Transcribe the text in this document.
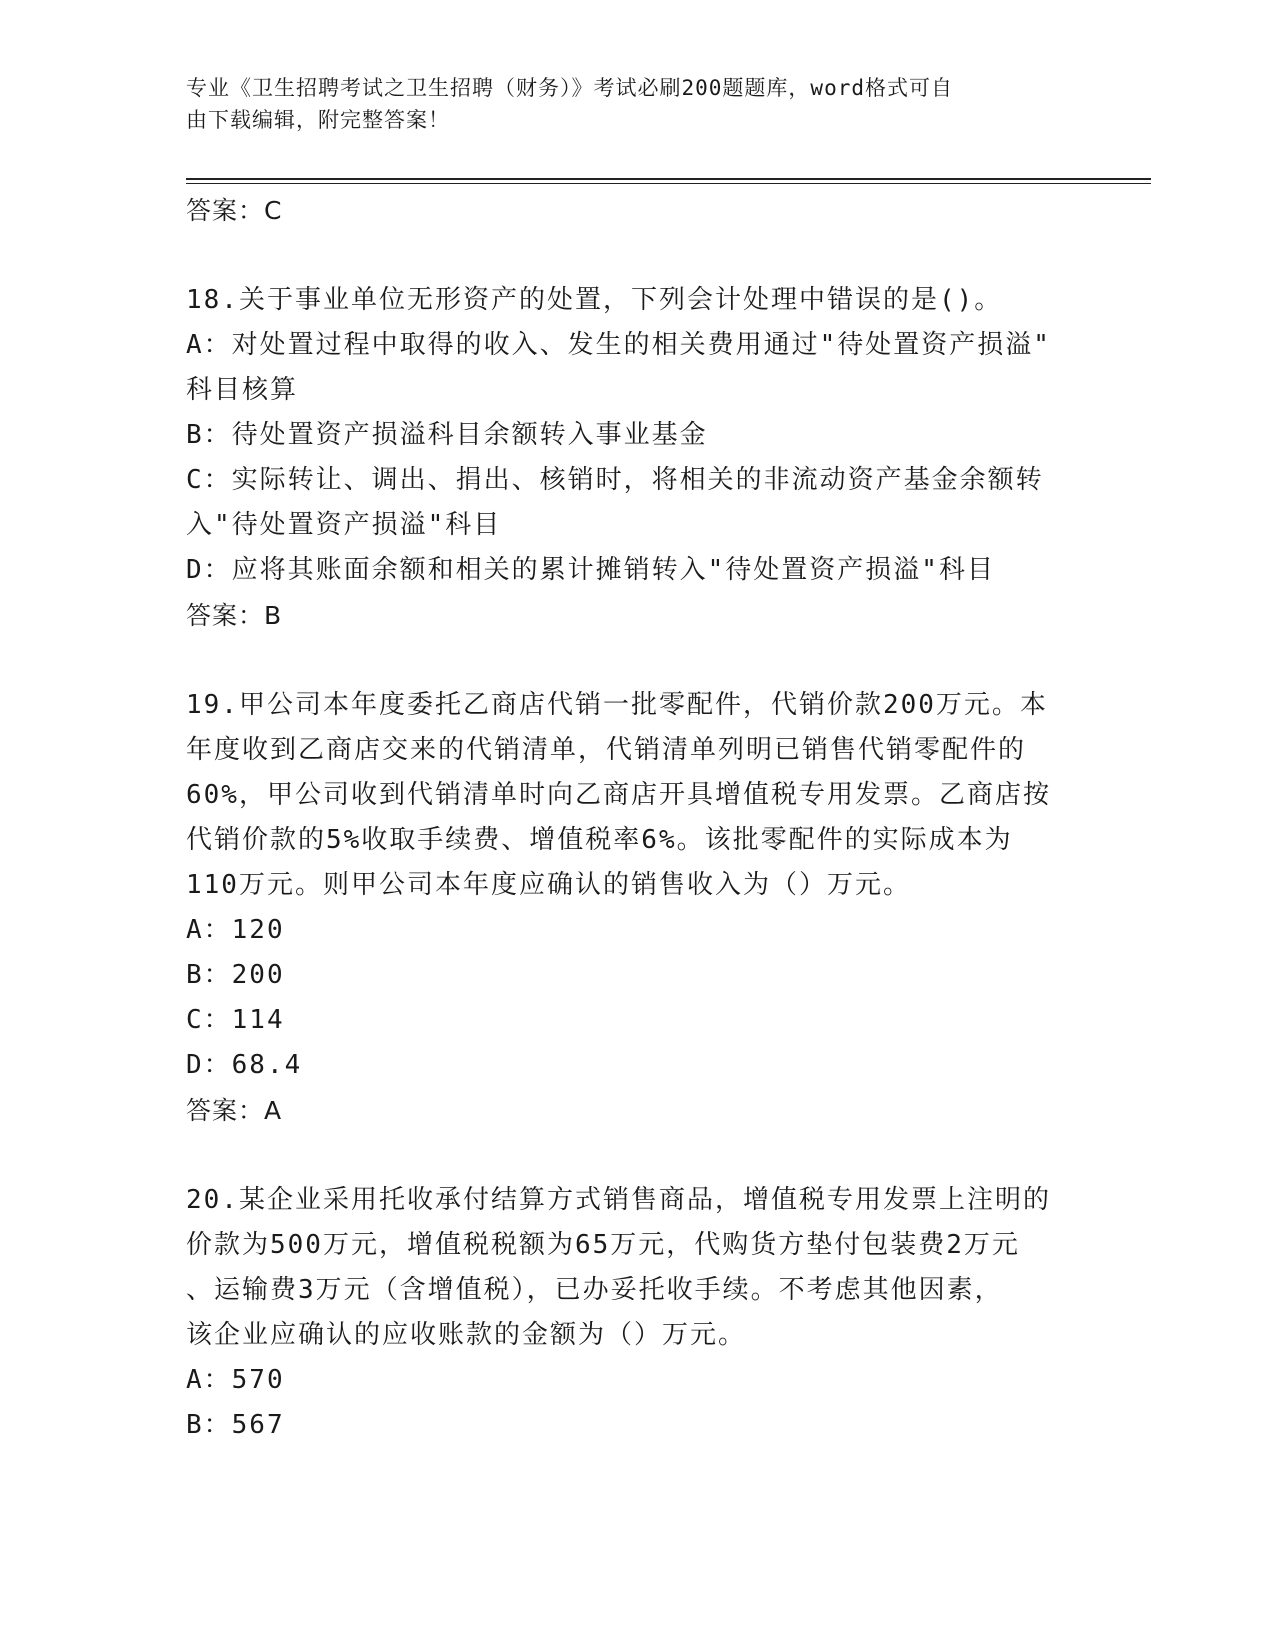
专业《卫生招聘考试之卫生招聘（财务）》考试必刷200题题库，word格式可自
由下载编辑，附完整答案！
答案：C
18.关于事业单位无形资产的处置，下列会计处理中错误的是()。
A：对处置过程中取得的收入、发生的相关费用通过"待处置资产损溢"
科目核算
B：待处置资产损溢科目余额转入事业基金
C：实际转让、调出、捐出、核销时，将相关的非流动资产基金余额转
入"待处置资产损溢"科目
D：应将其账面余额和相关的累计摊销转入"待处置资产损溢"科目
答案：B
19.甲公司本年度委托乙商店代销一批零配件，代销价款200万元。本
年度收到乙商店交来的代销清单，代销清单列明已销售代销零配件的
60%，甲公司收到代销清单时向乙商店开具增值税专用发票。乙商店按
代销价款的5%收取手续费、增值税率6%。该批零配件的实际成本为
110万元。则甲公司本年度应确认的销售收入为（）万元。
A：120
B：200
C：114
D：68.4
答案：A
20.某企业采用托收承付结算方式销售商品，增值税专用发票上注明的
价款为500万元，增值税税额为65万元，代购货方垫付包装费2万元
、运输费3万元（含增值税），已办妥托收手续。不考虑其他因素，
该企业应确认的应收账款的金额为（）万元。
A：570
B：567
